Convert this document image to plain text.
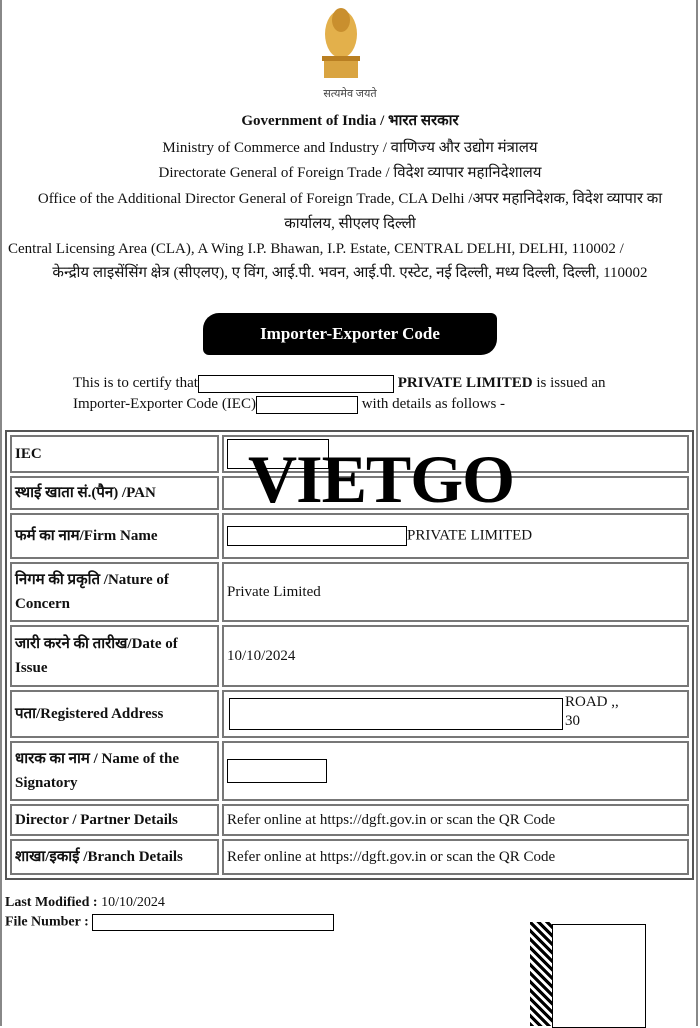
सत्यमेव जयते
Government of India / भारत सरकार
Ministry of Commerce and Industry / वाणिज्य और उद्योग मंत्रालय
Directorate General of Foreign Trade / विदेश व्यापार महानिदेशालय
Office of the Additional Director General of Foreign Trade, CLA Delhi /अपर महानिदेशक, विदेश व्यापार का
कार्यालय, सीएलए दिल्ली
Central Licensing Area (CLA), A Wing I.P. Bhawan, I.P. Estate, CENTRAL DELHI, DELHI, 110002 /
केन्द्रीय लाइसेंसिंग क्षेत्र (सीएलए), ए विंग, आई.पी. भवन, आई.पी. एस्टेट, नई दिल्ली, मध्य दिल्ली, दिल्ली, 110002
Importer-Exporter Code
This is to certify that	PRIVATE LIMITED is issued an
Importer-Exporter Code (IEC)	with details as follows -
IEC	
स्थाई खाता सं.(पैन) /PAN	
फर्म का नाम/Firm Name	PRIVATE LIMITED
निगम की प्रकृति /Nature of Concern	Private Limited
जारी करने की तारीख/Date of Issue	10/10/2024
पता/Registered Address	ROAD ,,
30

धारक का नाम / Name of the Signatory	
Director / Partner Details	Refer online at https://dgft.gov.in or scan the QR Code
शाखा/इकाई /Branch Details	Refer online at https://dgft.gov.in or scan the QR Code
VIETGO
Last Modified : 10/10/2024
File Number :
